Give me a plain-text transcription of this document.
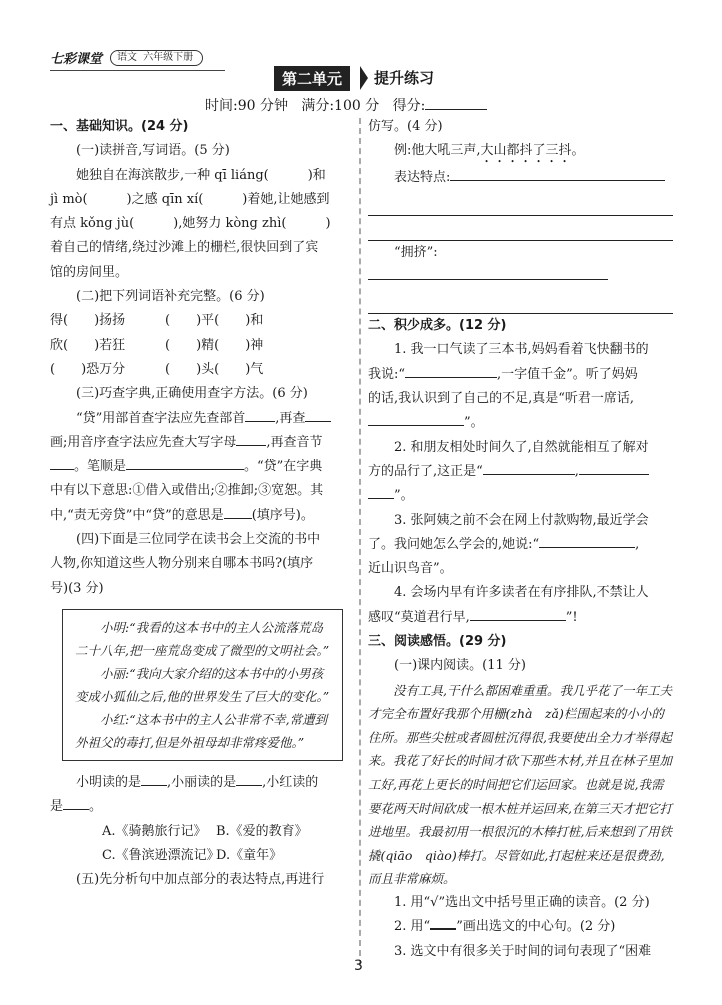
七彩课堂	语文 六年级下册
第二单元	提升练习
时间:90 分钟 满分:100 分 得分:

一、基础知识。(24 分)

(一)读拼音,写词语。(5 分)

她独自在海滨散步,一种 qī liáng(　　　)和

jì mò(　　　)之感 qīn xí(　　　)着她,让她感到

有点 kǒng jù(　　　),她努力 kòng zhì(　　　)

着自己的情绪,绕过沙滩上的栅栏,很快回到了宾

馆的房间里。

(二)把下列词语补充完整。(6 分)

得(　　)扬扬	(　　)平(　　)和

欣(　　)若狂	(　　)精(　　)神

(　　)恐万分	(　　)头(　　)气

(三)巧查字典,正确使用查字方法。(6 分)

“贷”用部首查字法应先查部首 ,再查

画;用音序查字法应先查大写字母 ,再查音节

。笔顺是	。“贷”在字典

中有以下意思:①借入或借出;②推卸;③宽恕。其

中,“责无旁贷”中“贷”的意思是 (填序号)。

(四)下面是三位同学在读书会上交流的书中

人物,你知道这些人物分别来自哪本书吗?(填序

号)(3 分)

小明:“我看的这本书中的主人公流落荒岛二十八年,把一座荒岛变成了微型的文明社会。”

小丽:“我向大家介绍的这本书中的小男孩变成小狐仙之后,他的世界发生了巨大的变化。”

小红:“这本书中的主人公非常不幸,常遭到外祖父的毒打,但是外祖母却非常疼爱他。”

小明读的是 ,小丽读的是 ,小红读的

是 。

A.《骑鹅旅行记》 B.《爱的教育》

C.《鲁滨逊漂流记》D.《童年》

(五)先分析句中加点部分的表达特点,再进行

仿写。(4 分)

例:他大吼三声,大山都抖了三抖。

表达特点:

“拥挤”:

二、积少成多。(12 分)

1. 我一口气读了三本书,妈妈看着飞快翻书的

我说:“	,一字值千金”。听了妈妈

的话,我认识到了自己的不足,真是“听君一席话,

”。

2. 和朋友相处时间久了,自然就能相互了解对

方的品行了,这正是“	,

”。

3. 张阿姨之前不会在网上付款购物,最近学会

了。我问她怎么学会的,她说:“	,

近山识鸟音”。

4. 会场内早有许多读者在有序排队,不禁让人

感叹“莫道君行早,	”!

三、阅读感悟。(29 分)

(一)课内阅读。(11 分)

没有工具,干什么都困难重重。我几乎花了一年工夫才完全布置好我那个用栅(zhà　zǎ)栏围起来的小小的住所。那些尖桩或者圆桩沉得很,我要使出全力才举得起来。我花了好长的时间才砍下那些木材,并且在林子里加工好,再花上更长的时间把它们运回家。也就是说,我需要花两天时间砍成一根木桩并运回来,在第三天才把它打进地里。我最初用一根很沉的木棒打桩,后来想到了用铁撬(qiāo　qiào)棒打。尽管如此,打起桩来还是很费劲,而且非常麻烦。

1. 用“√”选出文中括号里正确的读音。(2 分)

2. 用“ ”画出选文的中心句。(2 分)

3. 选文中有很多关于时间的词句表现了“困难

3
